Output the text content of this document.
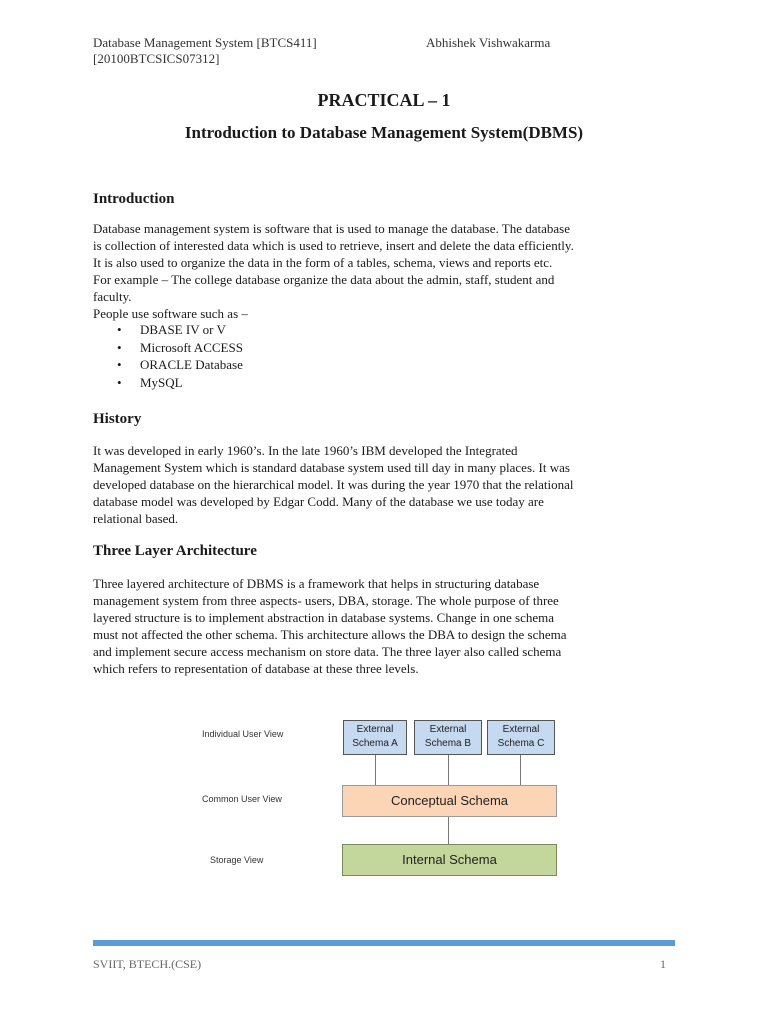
Database Management System [BTCS411]
[20100BTCSICS07312]
Abhishek Vishwakarma
PRACTICAL – 1
Introduction to Database Management System(DBMS)
Introduction

Database management system is software that is used to manage the database. The database
is collection of interested data which is used to retrieve, insert and delete the data efficiently.
It is also used to organize the data in the form of a tables, schema, views and reports etc.
For example – The college database organize the data about the admin, staff, student and
faculty.
People use software such as –

• DBASE IV or V
• Microsoft ACCESS
• ORACLE Database
• MySQL
History

It was developed in early 1960’s. In the late 1960’s IBM developed the Integrated
Management System which is standard database system used till day in many places. It was
developed database on the hierarchical model. It was during the year 1970 that the relational
database model was developed by Edgar Codd. Many of the database we use today are
relational based.

Three Layer Architecture

Three layered architecture of DBMS is a framework that helps in structuring database
management system from three aspects- users, DBA, storage. The whole purpose of three
layered structure is to implement abstraction in database systems. Change in one schema
must not affected the other schema. This architecture allows the DBA to design the schema
and implement secure access mechanism on store data. The three layer also called schema
which refers to representation of database at these three levels.

Individual User View
Common User View
Storage View
External
Schema A
External
Schema B
External
Schema C
Conceptual Schema
Internal Schema
SVIIT, BTECH.(CSE)	1
